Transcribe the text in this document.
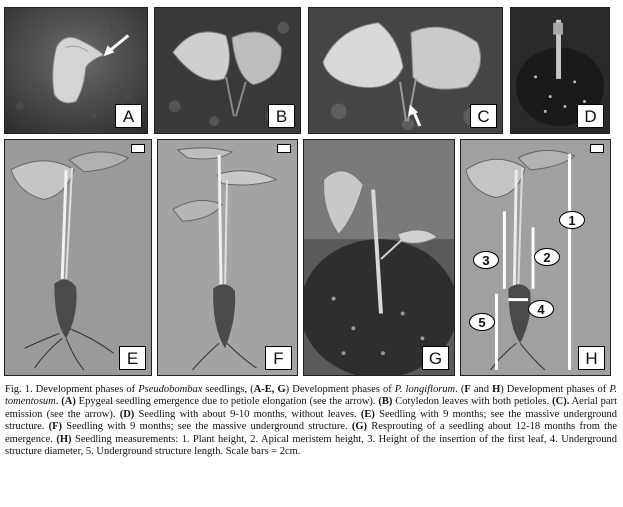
A	B	C	D
E	F	G
1
2
3
4
5
H
Fig. 1. Development phases of Pseudobombax seedlings, (A-E, G) Development phases of P. longiflorum. (F and H) Development phases of P. tomentosum. (A) Epygeal seedling emergence due to petiole elongation (see the arrow). (B) Cotyledon leaves with both petioles. (C). Aerial part emission (see the arrow). (D) Seedling with about 9-10 months, without leaves. (E) Seedling with 9 months; see the massive underground structure. (F) Seedling with 9 months; see the massive underground structure. (G) Resprouting of a seedling about 12-18 months from the emergence. (H) Seedling measurements: 1. Plant height, 2. Apical meristem height, 3. Height of the insertion of the first leaf, 4. Underground structure diameter, 5. Underground structure length. Scale bars = 2cm.
